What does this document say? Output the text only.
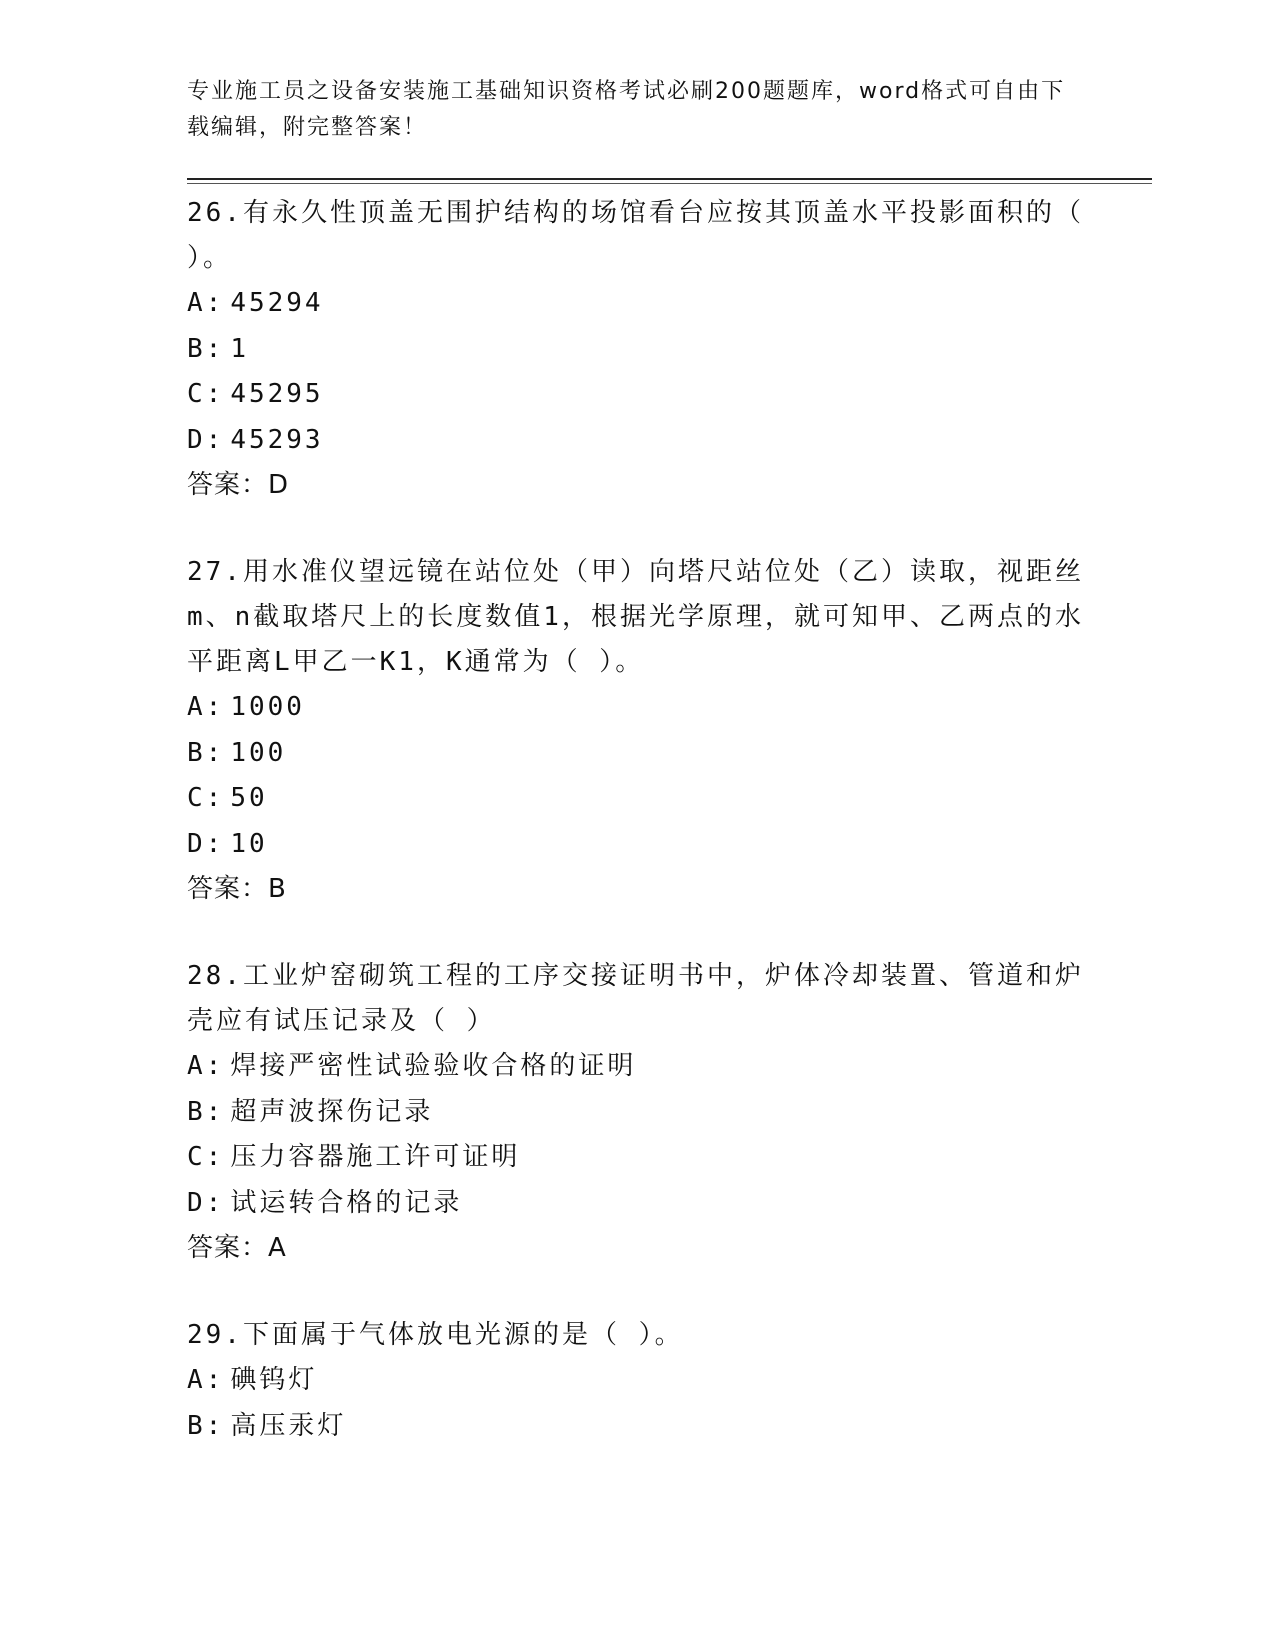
专业施工员之设备安装施工基础知识资格考试必刷200题题库，word格式可自由下载编辑，附完整答案！
26.有永久性顶盖无围护结构的场馆看台应按其顶盖水平投影面积的（ ）。
A: 45294
B: 1
C: 45295
D: 45293
答案：D
27.用水准仪望远镜在站位处（甲）向塔尺站位处（乙）读取，视距丝m、n截取塔尺上的长度数值1，根据光学原理，就可知甲、乙两点的水平距离L甲乙一K1，K通常为（ ）。
A: 1000
B: 100
C: 50
D: 10
答案：B
28.工业炉窑砌筑工程的工序交接证明书中，炉体冷却装置、管道和炉壳应有试压记录及（ ）
A: 焊接严密性试验验收合格的证明
B: 超声波探伤记录
C: 压力容器施工许可证明
D: 试运转合格的记录
答案：A
29.下面属于气体放电光源的是（ ）。
A: 碘钨灯
B: 高压汞灯
